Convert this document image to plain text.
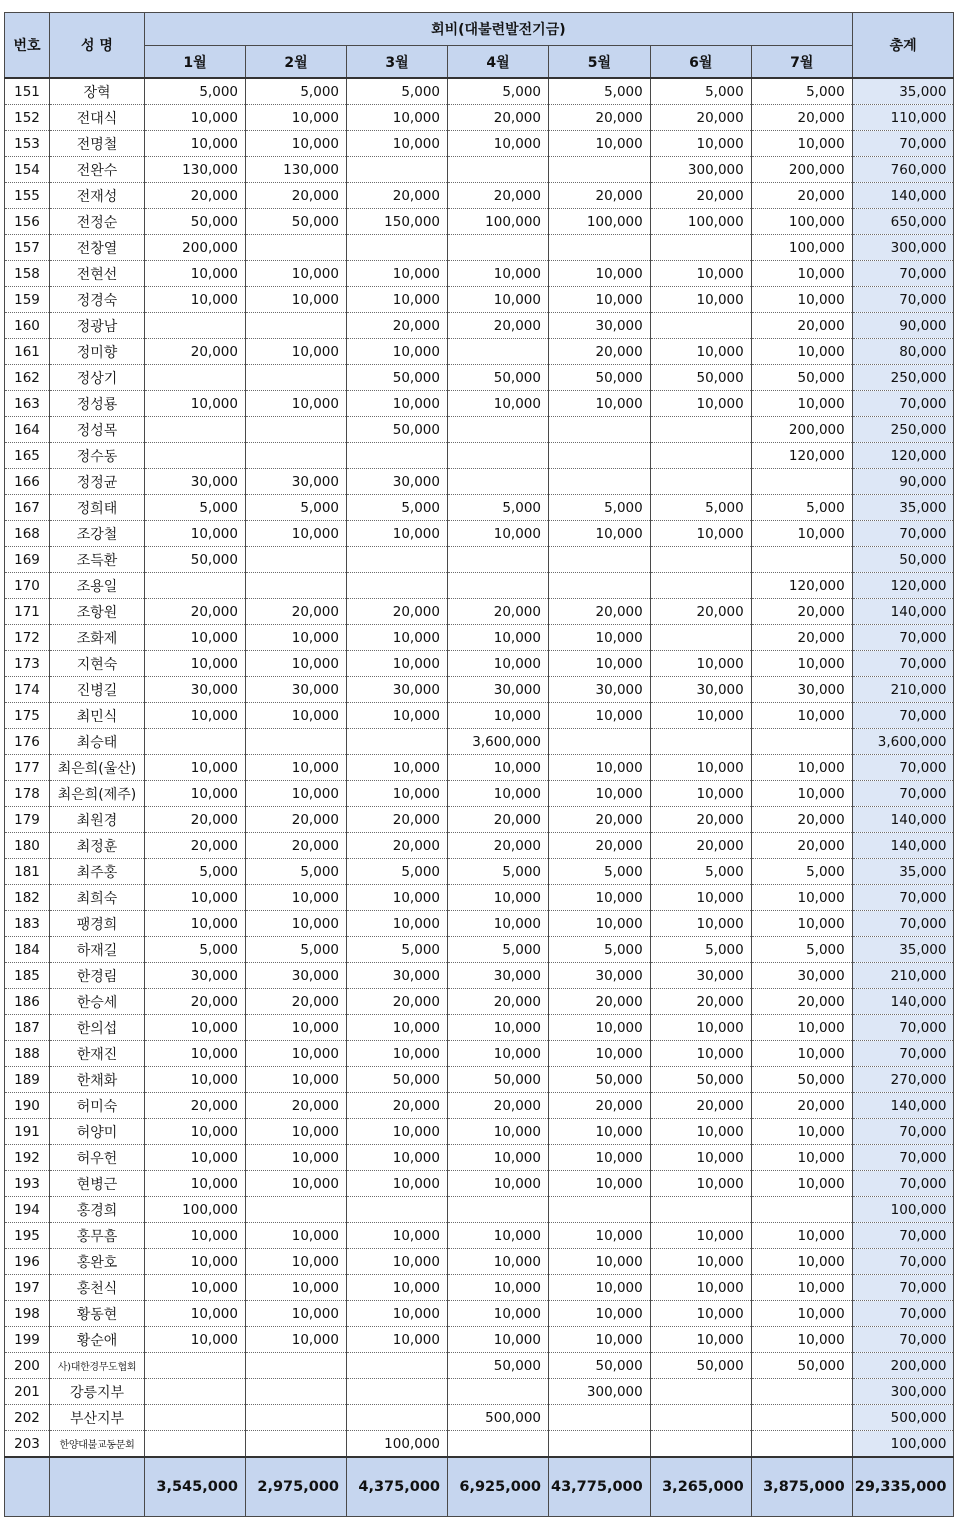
번호	성 명	회비(대불련발전기금)							총계
		1월	2월	3월	4월	5월	6월	7월	
151	장혁	5,000	5,000	5,000	5,000	5,000	5,000	5,000	35,000
152	전대식	10,000	10,000	10,000	20,000	20,000	20,000	20,000	110,000
153	전명철	10,000	10,000	10,000	10,000	10,000	10,000	10,000	70,000
154	전완수	130,000	130,000				300,000	200,000	760,000
155	전재성	20,000	20,000	20,000	20,000	20,000	20,000	20,000	140,000
156	전정순	50,000	50,000	150,000	100,000	100,000	100,000	100,000	650,000
157	전창열	200,000						100,000	300,000
158	전현선	10,000	10,000	10,000	10,000	10,000	10,000	10,000	70,000
159	정경숙	10,000	10,000	10,000	10,000	10,000	10,000	10,000	70,000
160	정광남			20,000	20,000	30,000		20,000	90,000
161	정미향	20,000	10,000	10,000		20,000	10,000	10,000	80,000
162	정상기			50,000	50,000	50,000	50,000	50,000	250,000
163	정성룡	10,000	10,000	10,000	10,000	10,000	10,000	10,000	70,000
164	정성목			50,000				200,000	250,000
165	정수동							120,000	120,000
166	정정균	30,000	30,000	30,000					90,000
167	정희태	5,000	5,000	5,000	5,000	5,000	5,000	5,000	35,000
168	조강철	10,000	10,000	10,000	10,000	10,000	10,000	10,000	70,000
169	조득환	50,000							50,000
170	조용일							120,000	120,000
171	조항원	20,000	20,000	20,000	20,000	20,000	20,000	20,000	140,000
172	조화제	10,000	10,000	10,000	10,000	10,000		20,000	70,000
173	지현숙	10,000	10,000	10,000	10,000	10,000	10,000	10,000	70,000
174	진병길	30,000	30,000	30,000	30,000	30,000	30,000	30,000	210,000
175	최민식	10,000	10,000	10,000	10,000	10,000	10,000	10,000	70,000
176	최승태				3,600,000				3,600,000
177	최은희(울산)	10,000	10,000	10,000	10,000	10,000	10,000	10,000	70,000
178	최은희(제주)	10,000	10,000	10,000	10,000	10,000	10,000	10,000	70,000
179	최원경	20,000	20,000	20,000	20,000	20,000	20,000	20,000	140,000
180	최정훈	20,000	20,000	20,000	20,000	20,000	20,000	20,000	140,000
181	최주홍	5,000	5,000	5,000	5,000	5,000	5,000	5,000	35,000
182	최희숙	10,000	10,000	10,000	10,000	10,000	10,000	10,000	70,000
183	팽경희	10,000	10,000	10,000	10,000	10,000	10,000	10,000	70,000
184	하재길	5,000	5,000	5,000	5,000	5,000	5,000	5,000	35,000
185	한경림	30,000	30,000	30,000	30,000	30,000	30,000	30,000	210,000
186	한승세	20,000	20,000	20,000	20,000	20,000	20,000	20,000	140,000
187	한의섭	10,000	10,000	10,000	10,000	10,000	10,000	10,000	70,000
188	한재진	10,000	10,000	10,000	10,000	10,000	10,000	10,000	70,000
189	한채화	10,000	10,000	50,000	50,000	50,000	50,000	50,000	270,000
190	허미숙	20,000	20,000	20,000	20,000	20,000	20,000	20,000	140,000
191	허양미	10,000	10,000	10,000	10,000	10,000	10,000	10,000	70,000
192	허우헌	10,000	10,000	10,000	10,000	10,000	10,000	10,000	70,000
193	현병근	10,000	10,000	10,000	10,000	10,000	10,000	10,000	70,000
194	홍경희	100,000							100,000
195	홍무흠	10,000	10,000	10,000	10,000	10,000	10,000	10,000	70,000
196	홍완호	10,000	10,000	10,000	10,000	10,000	10,000	10,000	70,000
197	홍천식	10,000	10,000	10,000	10,000	10,000	10,000	10,000	70,000
198	황동현	10,000	10,000	10,000	10,000	10,000	10,000	10,000	70,000
199	황순애	10,000	10,000	10,000	10,000	10,000	10,000	10,000	70,000
200	사)대한경무도협회				50,000	50,000	50,000	50,000	200,000
201	강릉지부					300,000			300,000
202	부산지부				500,000				500,000
203	한양대불교동문회			100,000					100,000
		3,545,000	2,975,000	4,375,000	6,925,000	43,775,000	3,265,000	3,875,000	29,335,000
